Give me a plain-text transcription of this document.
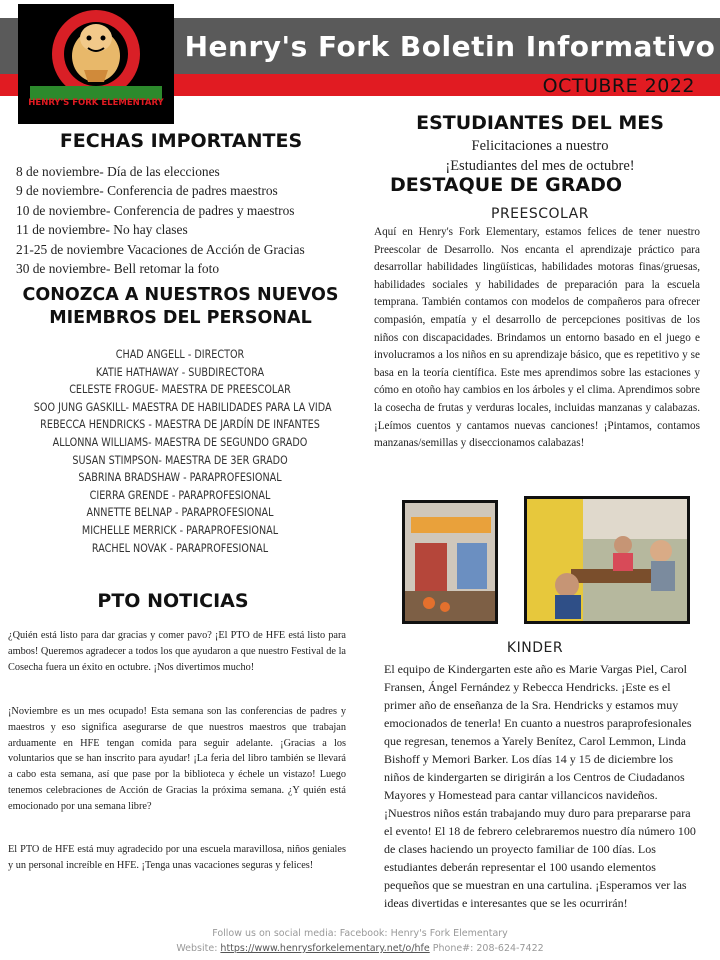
Henry's Fork Boletin Informativo
OCTUBRE 2022
HENRY'S FORK ELEMENTARY
FECHAS IMPORTANTES
8 de noviembre- Día de las elecciones
9 de noviembre- Conferencia de padres maestros
10 de noviembre- Conferencia de padres y maestros
11 de noviembre- No hay clases
21-25 de noviembre Vacaciones de Acción de Gracias
30 de noviembre- Bell retomar la foto
CONOZCA A NUESTROS NUEVOS
MIEMBROS DEL PERSONAL
CHAD ANGELL - DIRECTOR
KATIE HATHAWAY - SUBDIRECTORA
CELESTE FROGUE- MAESTRA DE PREESCOLAR
SOO JUNG GASKILL- MAESTRA DE HABILIDADES PARA LA VIDA
REBECCA HENDRICKS - MAESTRA DE JARDÍN DE INFANTES
ALLONNA WILLIAMS- MAESTRA DE SEGUNDO GRADO
SUSAN STIMPSON- MAESTRA DE 3ER GRADO
SABRINA BRADSHAW - PARAPROFESIONAL
CIERRA GRENDE - PARAPROFESIONAL
ANNETTE BELNAP - PARAPROFESIONAL
MICHELLE MERRICK - PARAPROFESIONAL
RACHEL NOVAK - PARAPROFESIONAL
PTO NOTICIAS
¿Quién está listo para dar gracias y comer pavo? ¡El PTO de HFE está listo para ambos! Queremos agradecer a todos los que ayudaron a que nuestro Festival de la Cosecha fuera un éxito en octubre. ¡Nos divertimos mucho!
¡Noviembre es un mes ocupado! Esta semana son las conferencias de padres y maestros y eso significa asegurarse de que nuestros maestros que trabajan arduamente en HFE tengan comida para seguir adelante. ¡Gracias a los voluntarios que se han inscrito para ayudar! ¡La feria del libro también se llevará a cabo esta semana, así que pase por la biblioteca y échele un vistazo! Luego tenemos celebraciones de Acción de Gracias la próxima semana. ¿Y quién está emocionado por una semana libre?
El PTO de HFE está muy agradecido por una escuela maravillosa, niños geniales y un personal increíble en HFE. ¡Tenga unas vacaciones seguras y felices!
ESTUDIANTES DEL MES
Felicitaciones a nuestro
¡Estudiantes del mes de octubre!
DESTAQUE DE GRADO
PREESCOLAR
Aquí en Henry's Fork Elementary, estamos felices de tener nuestro Preescolar de Desarrollo. Nos encanta el aprendizaje práctico para desarrollar habilidades lingüísticas, habilidades motoras finas/gruesas, habilidades sociales y habilidades de preparación para la escuela temprana. También contamos con modelos de compañeros para ofrecer compasión, empatía y el desarrollo de percepciones positivas de los niños con discapacidades. Brindamos un entorno basado en el juego e involucramos a los niños en su aprendizaje básico, que es repetitivo y se basa en la teoría científica. Este mes aprendimos sobre las estaciones y cómo en otoño hay cambios en los árboles y el clima. Aprendimos sobre la cosecha de frutas y verduras locales, incluidas manzanas y calabazas. ¡Leímos cuentos y cantamos nuevas canciones! ¡Pintamos, contamos manzanas/semillas y diseccionamos calabazas!
KINDER
El equipo de Kindergarten este año es Marie Vargas Piel, Carol Fransen, Ángel Fernández y Rebecca Hendricks. ¡Este es el primer año de enseñanza de la Sra. Hendricks y estamos muy emocionados de tenerla! En cuanto a nuestros paraprofesionales que regresan, tenemos a Yarely Benítez, Carol Lemmon, Linda Bishoff y Memori Barker. Los días 14 y 15 de diciembre los niños de kindergarten se dirigirán a los Centros de Ciudadanos Mayores y Homestead para cantar villancicos navideños. ¡Nuestros niños están trabajando muy duro para prepararse para el evento! El 18 de febrero celebraremos nuestro día número 100 de clases haciendo un proyecto familiar de 100 días. Los estudiantes deberán representar el 100 usando elementos pequeños que se muestran en una cartulina. ¡Esperamos ver las ideas divertidas e interesantes que se les ocurrirán!
Follow us on social media: Facebook: Henry's Fork Elementary
Website: https://www.henrysforkelementary.net/o/hfe Phone#: 208-624-7422
